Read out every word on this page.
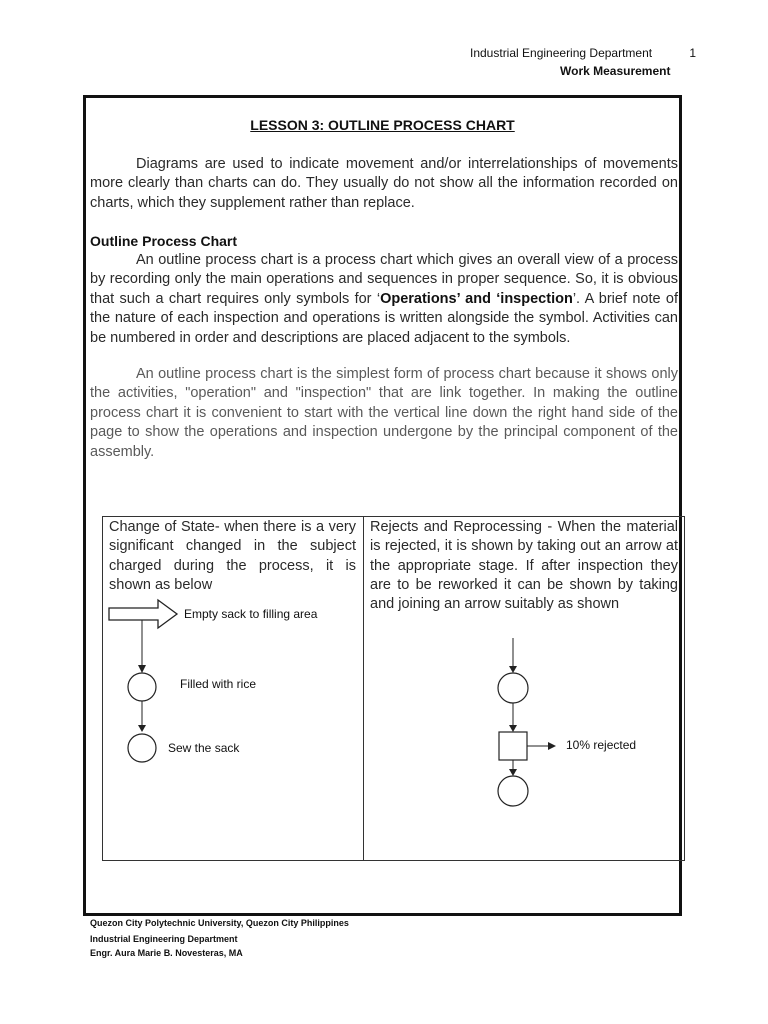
Industrial Engineering Department	1
Work Measurement
LESSON 3: OUTLINE PROCESS CHART
Diagrams are used to indicate movement and/or interrelationships of movements more clearly than charts can do. They usually do not show all the information recorded on charts, which they supplement rather than replace.
Outline Process Chart
An outline process chart is a process chart which gives an overall view of a process by recording only the main operations and sequences in proper sequence. So, it is obvious that such a chart requires only symbols for ‘Operations’ and ‘inspection’. A brief note of the nature of each inspection and operations is written alongside the symbol. Activities can be numbered in order and descriptions are placed adjacent to the symbols.
An outline process chart is the simplest form of process chart because it shows only the activities, "operation" and "inspection" that are link together. In making the outline process chart it is convenient to start with the vertical line down the right hand side of the page to show the operations and inspection undergone by the principal component of the assembly.
Change of State- when there is a very significant changed in the subject charged during the process, it is shown as below
Rejects and Reprocessing - When the material is rejected, it is shown by taking out an arrow at the appropriate stage. If after inspection they are to be reworked it can be shown by taking and joining an arrow suitably as shown
Empty sack to filling area
Filled with rice
Sew the sack	10% rejected
Quezon City Polytechnic University, Quezon City Philippines
Industrial Engineering Department
Engr. Aura Marie B. Novesteras, MA
